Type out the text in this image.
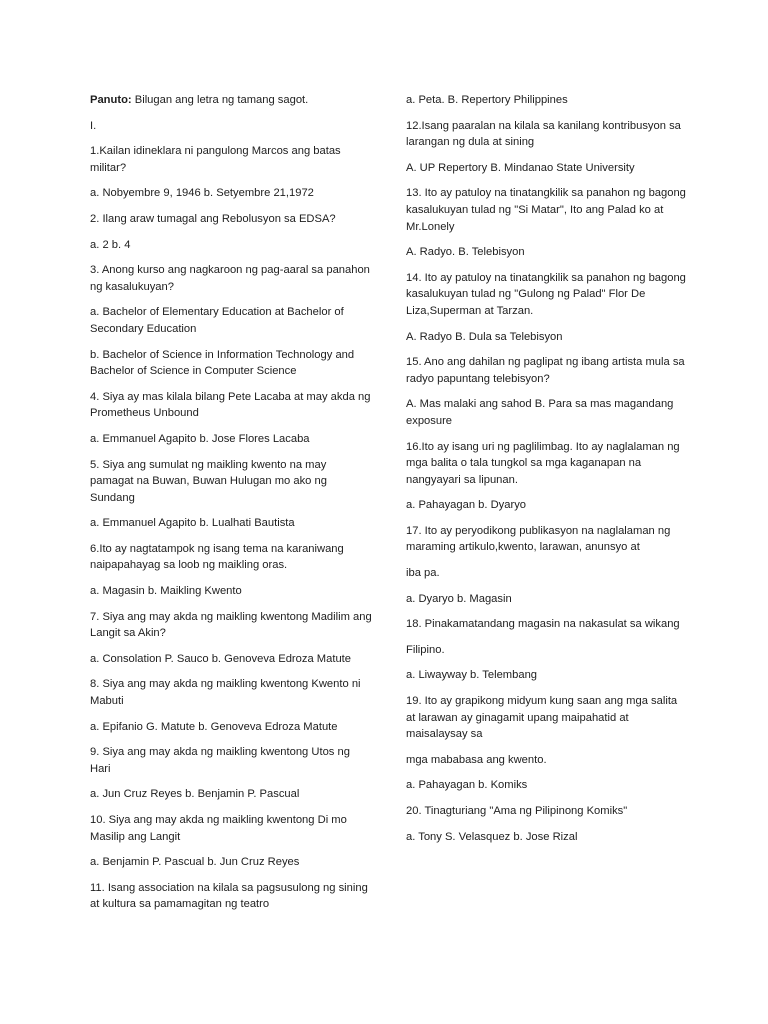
Panuto: Bilugan ang letra ng tamang sagot.

I.

1.Kailan idineklara ni pangulong Marcos ang batas militar?

a. Nobyembre 9, 1946 b. Setyembre 21,1972

2. Ilang araw tumagal ang Rebolusyon sa EDSA?

a. 2 b. 4

3. Anong kurso ang nagkaroon ng pag-aaral sa panahon ng kasalukuyan?

a. Bachelor of Elementary Education at Bachelor of Secondary Education

b. Bachelor of Science in Information Technology and Bachelor of Science in Computer Science

4. Siya ay mas kilala bilang Pete Lacaba at may akda ng Prometheus Unbound

a. Emmanuel Agapito b. Jose Flores Lacaba

5. Siya ang sumulat ng maikling kwento na may pamagat na Buwan, Buwan Hulugan mo ako ng Sundang

a. Emmanuel Agapito b. Lualhati Bautista

6.Ito ay nagtatampok ng isang tema na karaniwang naipapahayag sa loob ng maikling oras.

a. Magasin b. Maikling Kwento

7. Siya ang may akda ng maikling kwentong Madilim ang Langit sa Akin?

a. Consolation P. Sauco b. Genoveva Edroza Matute

8. Siya ang may akda ng maikling kwentong Kwento ni Mabuti

a. Epifanio G. Matute b. Genoveva Edroza Matute

9. Siya ang may akda ng maikling kwentong Utos ng Hari

a. Jun Cruz Reyes b. Benjamin P. Pascual

10. Siya ang may akda ng maikling kwentong Di mo Masilip ang Langit

a. Benjamin P. Pascual b. Jun Cruz Reyes

11. Isang association na kilala sa pagsusulong ng sining at kultura sa pamamagitan ng teatro

a. Peta. B. Repertory Philippines

12.Isang paaralan na kilala sa kanilang kontribusyon sa larangan ng dula at sining

A. UP Repertory B. Mindanao State University

13. Ito ay patuloy na tinatangkilik sa panahon ng bagong kasalukuyan tulad ng "Si Matar", Ito ang Palad ko at Mr.Lonely

A. Radyo. B. Telebisyon

14. Ito ay patuloy na tinatangkilik sa panahon ng bagong kasalukuyan tulad ng "Gulong ng Palad" Flor De Liza,Superman at Tarzan.

A. Radyo B. Dula sa Telebisyon

15. Ano ang dahilan ng paglipat ng ibang artista mula sa radyo papuntang telebisyon?

A. Mas malaki ang sahod B. Para sa mas magandang exposure

16.Ito ay isang uri ng paglilimbag. Ito ay naglalaman ng mga balita o tala tungkol sa mga kaganapan na nangyayari sa lipunan.

a. Pahayagan b. Dyaryo

17. Ito ay peryodikong publikasyon na naglalaman ng maraming artikulo,kwento, larawan, anunsyo at

iba pa.

a. Dyaryo b. Magasin

18. Pinakamatandang magasin na nakasulat sa wikang

Filipino.

a. Liwayway b. Telembang

19. Ito ay grapikong midyum kung saan ang mga salita at larawan ay ginagamit upang maipahatid at maisalaysay sa

mga mababasa ang kwento.

a. Pahayagan b. Komiks

20. Tinagturiang "Ama ng Pilipinong Komiks"

a. Tony S. Velasquez b. Jose Rizal
